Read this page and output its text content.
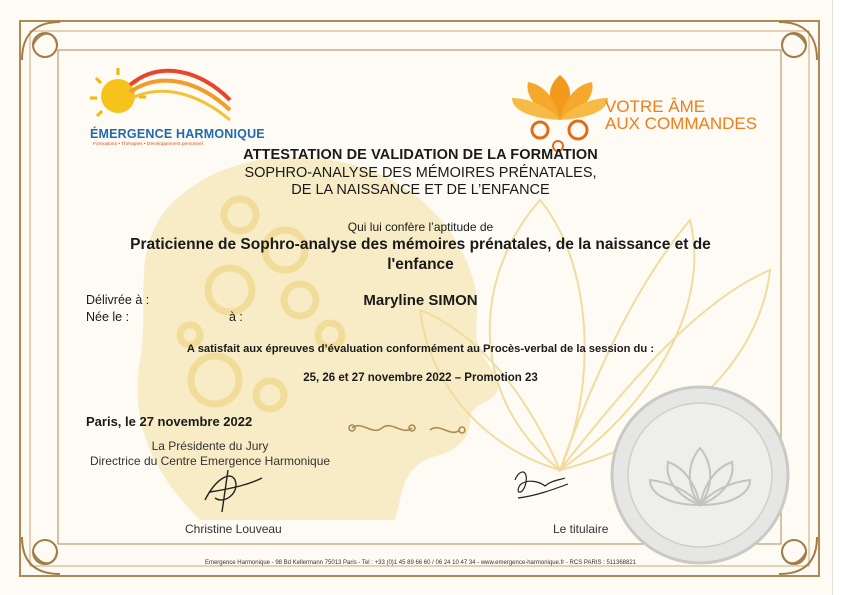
ÉMERGENCE HARMONIQUE
Formations • Thérapies • Développement personnel
VOTRE ÂME
AUX COMMANDES
ATTESTATION DE VALIDATION DE LA FORMATION
SOPHRO-ANALYSE DES MÉMOIRES PRÉNATALES,
DE LA NAISSANCE ET DE L’ENFANCE
Qui lui confère l’aptitude de
Praticienne de Sophro-analyse des mémoires prénatales, de la naissance et de
l'enfance
Délivrée à :	Maryline SIMON
Née le :	à :
A satisfait aux épreuves d’évaluation conformément au Procès-verbal de la session du :
25, 26 et 27 novembre 2022 – Promotion 23
Paris, le 27 novembre 2022
La Présidente du Jury
Directrice du Centre Emergence Harmonique
Christine Louveau	Le titulaire
Emergence Harmonique - 98 Bd Kellermann 75013 Paris - Tel : +33 (0)1 45 89 66 60 / 06 24 10 47 34 - www.emergence-harmonique.fr - RCS PARIS : 511368821
